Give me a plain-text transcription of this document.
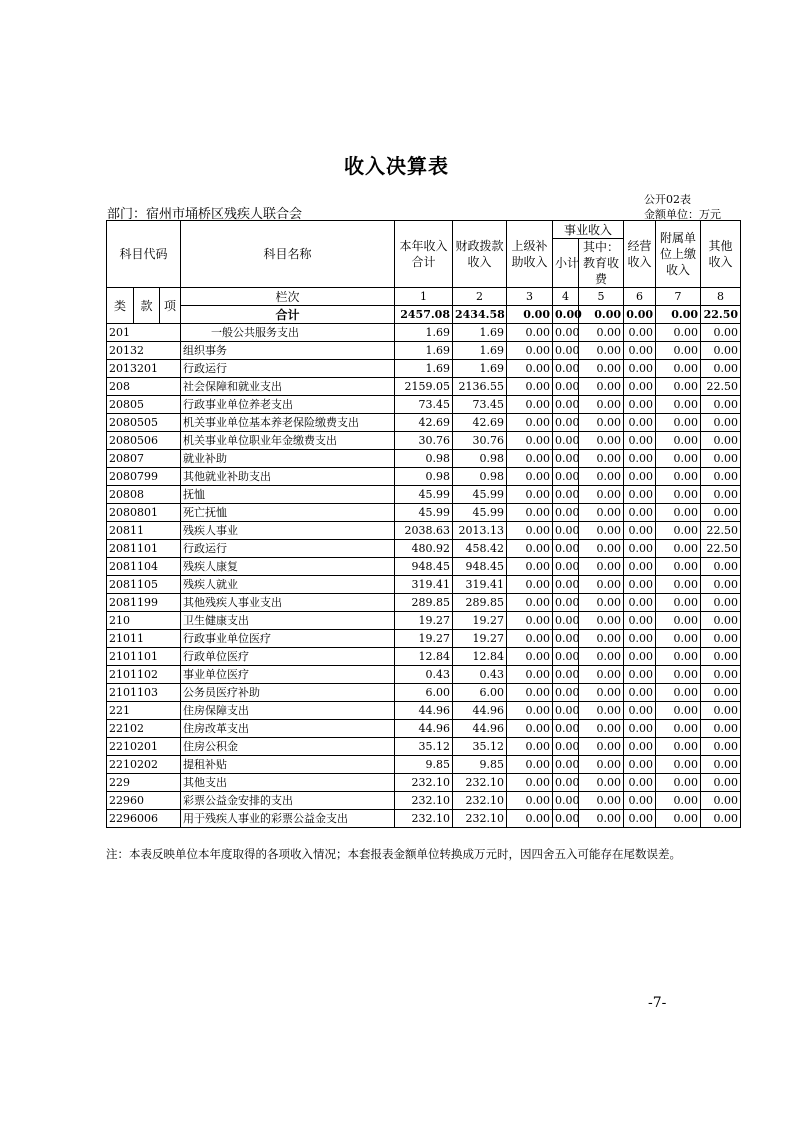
收入决算表
公开02表
金额单位：万元
部门：宿州市埇桥区残疾人联合会
科目代码			科目名称	本年收入合计	财政拨款收入	上级补助收入	事业收入		经营收入	附属单位上缴收入	其他收入
							小计	其中：教育收费			

类	款	项	栏次	1	2	3	4	5	6	7	8
			合计	2457.08	2434.58	0.00	0.00	0.00	0.00	0.00	22.50
201			一般公共服务支出	1.69	1.69	0.00	0.00	0.00	0.00	0.00	0.00
20132			组织事务	1.69	1.69	0.00	0.00	0.00	0.00	0.00	0.00
2013201			行政运行	1.69	1.69	0.00	0.00	0.00	0.00	0.00	0.00
208			社会保障和就业支出	2159.05	2136.55	0.00	0.00	0.00	0.00	0.00	22.50
20805			行政事业单位养老支出	73.45	73.45	0.00	0.00	0.00	0.00	0.00	0.00
2080505			机关事业单位基本养老保险缴费支出	42.69	42.69	0.00	0.00	0.00	0.00	0.00	0.00
2080506			机关事业单位职业年金缴费支出	30.76	30.76	0.00	0.00	0.00	0.00	0.00	0.00
20807			就业补助	0.98	0.98	0.00	0.00	0.00	0.00	0.00	0.00
2080799			其他就业补助支出	0.98	0.98	0.00	0.00	0.00	0.00	0.00	0.00
20808			抚恤	45.99	45.99	0.00	0.00	0.00	0.00	0.00	0.00
2080801			死亡抚恤	45.99	45.99	0.00	0.00	0.00	0.00	0.00	0.00
20811			残疾人事业	2038.63	2013.13	0.00	0.00	0.00	0.00	0.00	22.50
2081101			行政运行	480.92	458.42	0.00	0.00	0.00	0.00	0.00	22.50
2081104			残疾人康复	948.45	948.45	0.00	0.00	0.00	0.00	0.00	0.00
2081105			残疾人就业	319.41	319.41	0.00	0.00	0.00	0.00	0.00	0.00
2081199			其他残疾人事业支出	289.85	289.85	0.00	0.00	0.00	0.00	0.00	0.00
210			卫生健康支出	19.27	19.27	0.00	0.00	0.00	0.00	0.00	0.00
21011			行政事业单位医疗	19.27	19.27	0.00	0.00	0.00	0.00	0.00	0.00
2101101			行政单位医疗	12.84	12.84	0.00	0.00	0.00	0.00	0.00	0.00
2101102			事业单位医疗	0.43	0.43	0.00	0.00	0.00	0.00	0.00	0.00
2101103			公务员医疗补助	6.00	6.00	0.00	0.00	0.00	0.00	0.00	0.00
221			住房保障支出	44.96	44.96	0.00	0.00	0.00	0.00	0.00	0.00
22102			住房改革支出	44.96	44.96	0.00	0.00	0.00	0.00	0.00	0.00
2210201			住房公积金	35.12	35.12	0.00	0.00	0.00	0.00	0.00	0.00
2210202			提租补贴	9.85	9.85	0.00	0.00	0.00	0.00	0.00	0.00
229			其他支出	232.10	232.10	0.00	0.00	0.00	0.00	0.00	0.00
22960			彩票公益金安排的支出	232.10	232.10	0.00	0.00	0.00	0.00	0.00	0.00
2296006			用于残疾人事业的彩票公益金支出	232.10	232.10	0.00	0.00	0.00	0.00	0.00	0.00
注：本表反映单位本年度取得的各项收入情况；本套报表金额单位转换成万元时，因四舍五入可能存在尾数误差。
-7-
